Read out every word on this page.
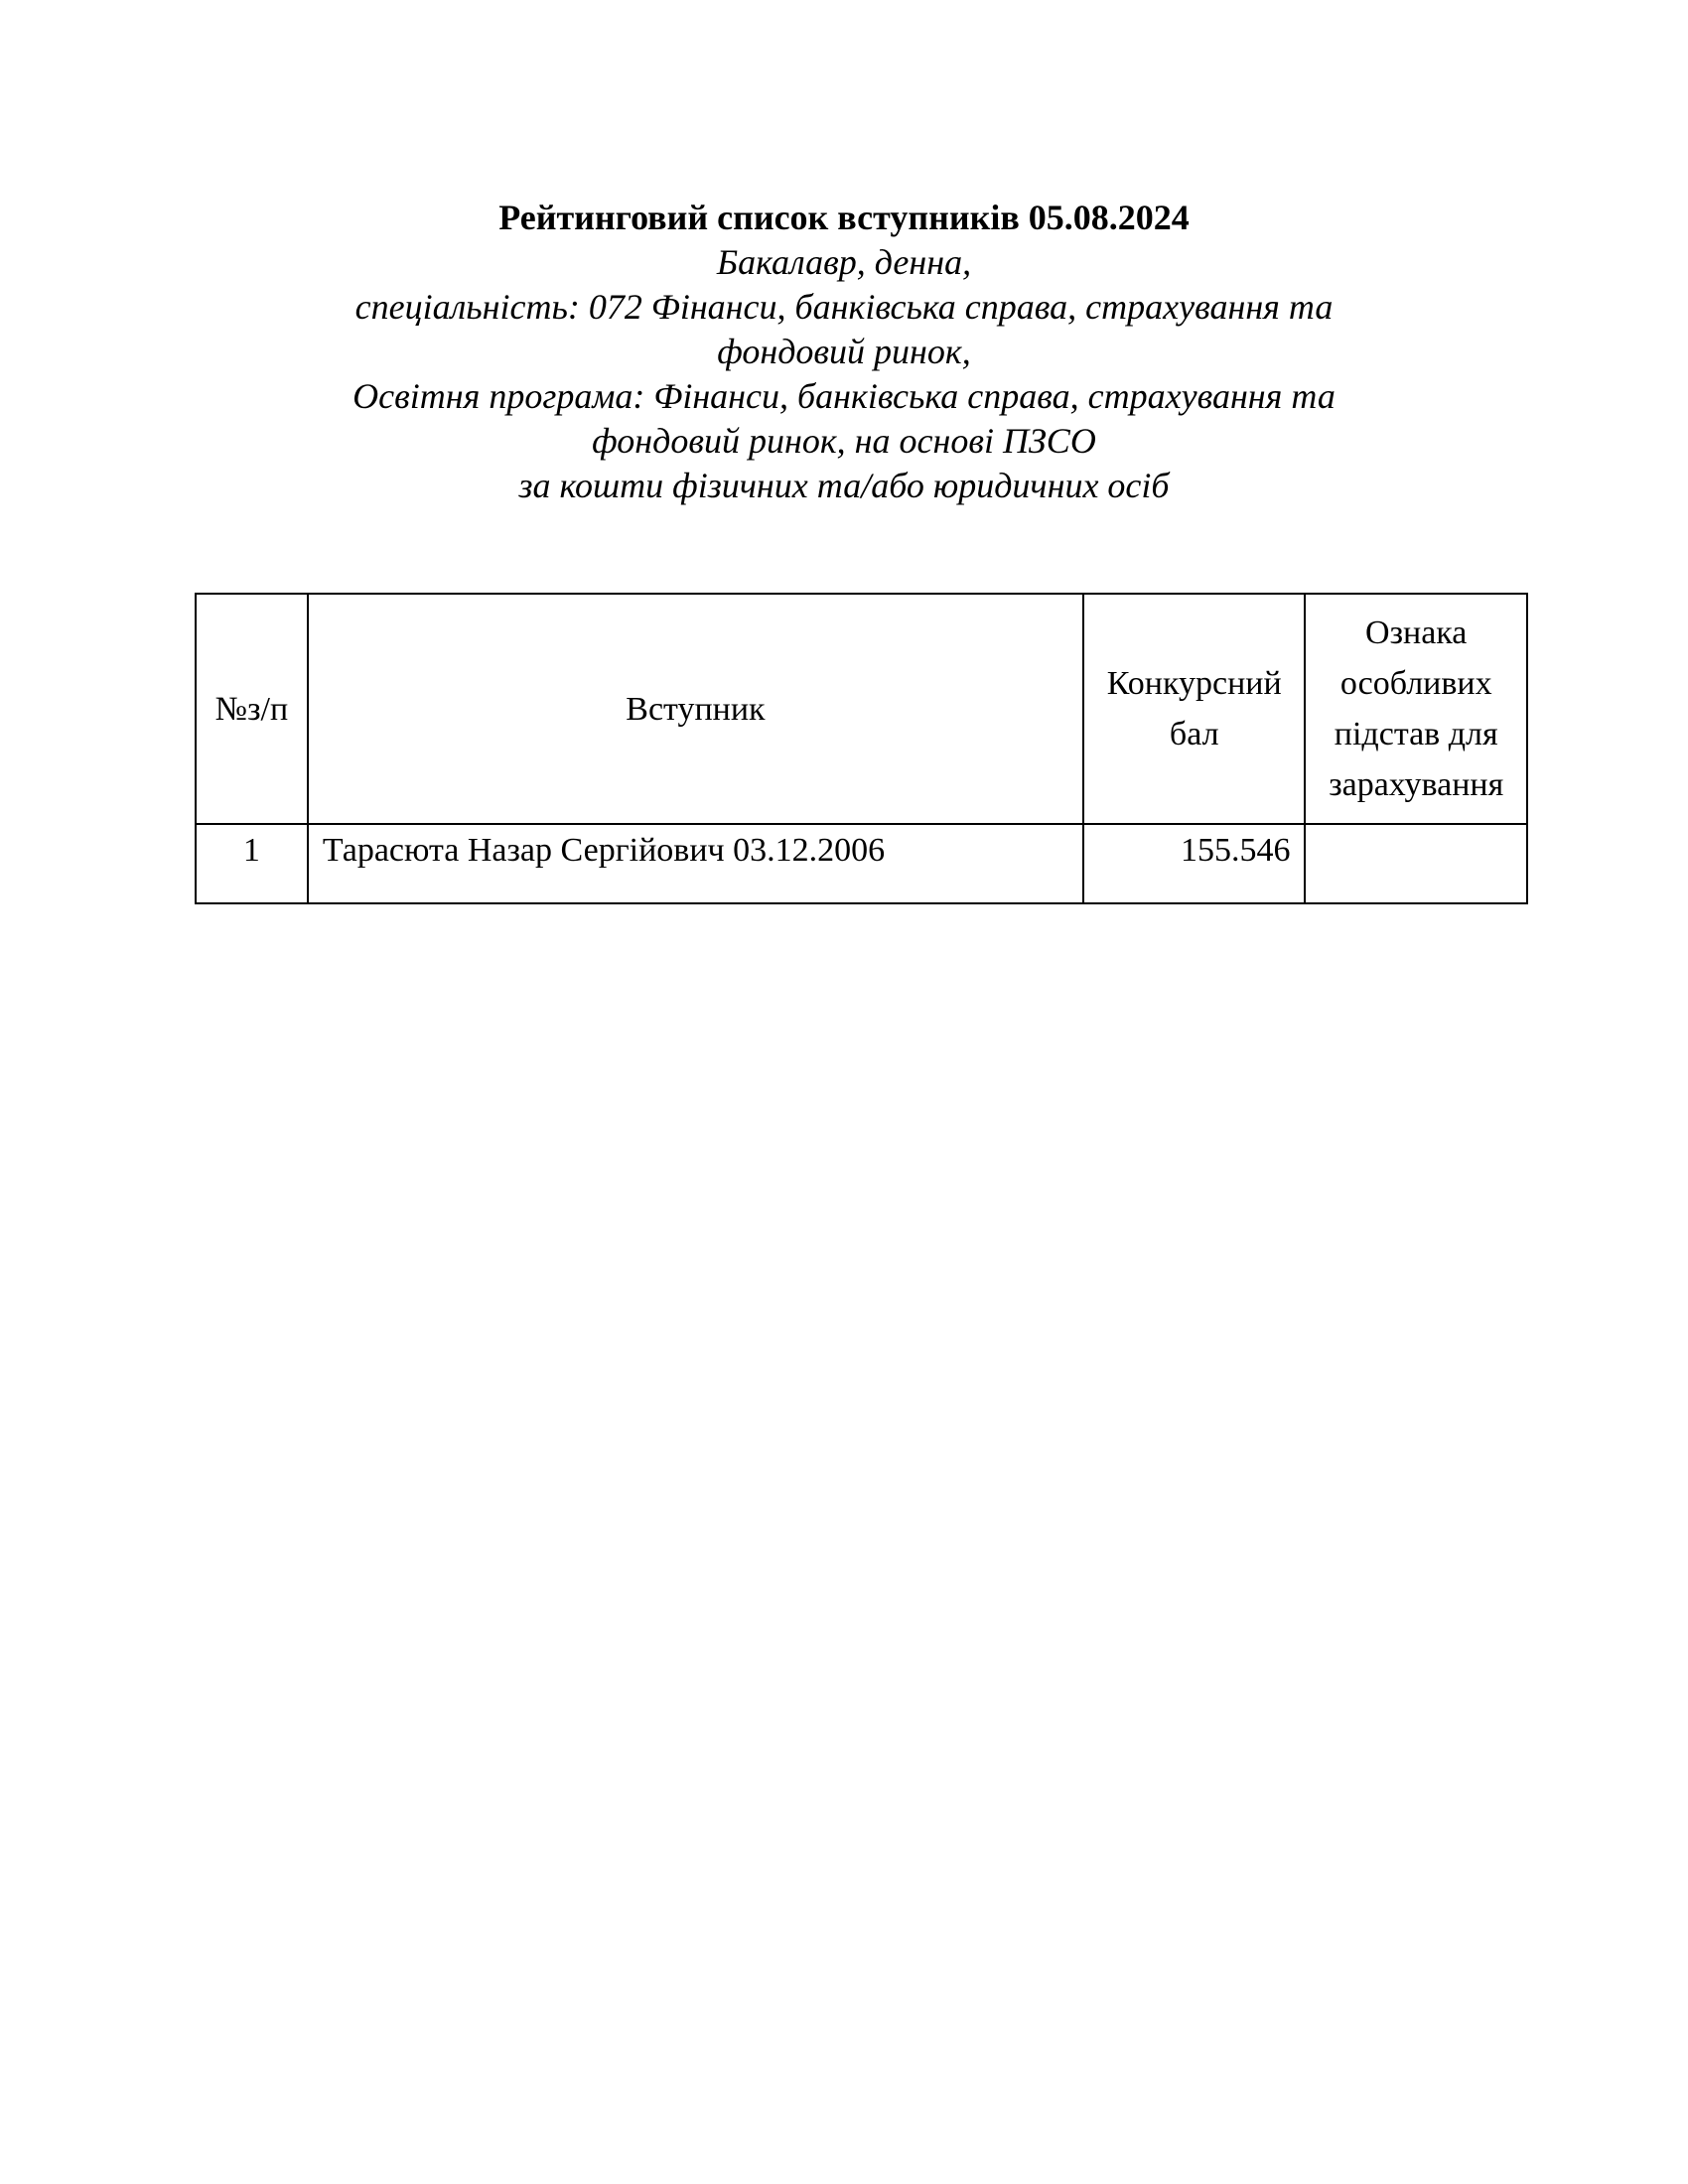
Рейтинговий список вступників 05.08.2024

Бакалавр, денна,

спеціальність: 072 Фінанси, банківська справа, страхування та

фондовий ринок,

Освітня програма: Фінанси, банківська справа, страхування та

фондовий ринок, на основі ПЗСО

за кошти фізичних та/або юридичних осіб

№з/п	Вступник	Конкурсний бал	Ознака особливих підстав для зарахування
1	Тарасюта Назар Сергійович 03.12.2006	155.546	
